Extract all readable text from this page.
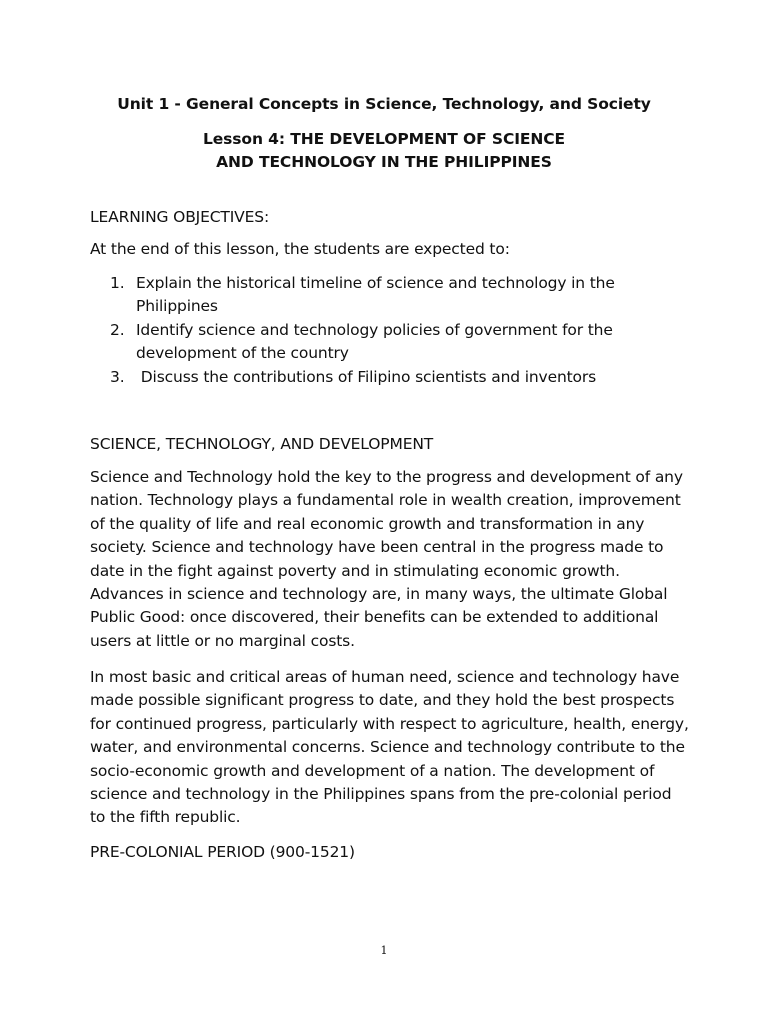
Unit 1 - General Concepts in Science, Technology, and Society
Lesson 4: THE DEVELOPMENT OF SCIENCE
AND TECHNOLOGY IN THE PHILIPPINES
LEARNING OBJECTIVES:
At the end of this lesson, the students are expected to:
1. Explain the historical timeline of science and technology in the Philippines
2. Identify science and technology policies of government for the development of the country
3. Discuss the contributions of Filipino scientists and inventors
SCIENCE, TECHNOLOGY, AND DEVELOPMENT
Science and Technology hold the key to the progress and development of any nation. Technology plays a fundamental role in wealth creation, improvement of the quality of life and real economic growth and transformation in any society. Science and technology have been central in the progress made to date in the fight against poverty and in stimulating economic growth. Advances in science and technology are, in many ways, the ultimate Global Public Good: once discovered, their benefits can be extended to additional users at little or no marginal costs.
In most basic and critical areas of human need, science and technology have made possible significant progress to date, and they hold the best prospects for continued progress, particularly with respect to agriculture, health, energy, water, and environmental concerns. Science and technology contribute to the socio-economic growth and development of a nation. The development of science and technology in the Philippines spans from the pre-colonial period to the fifth republic.
PRE-COLONIAL PERIOD (900-1521)
1
